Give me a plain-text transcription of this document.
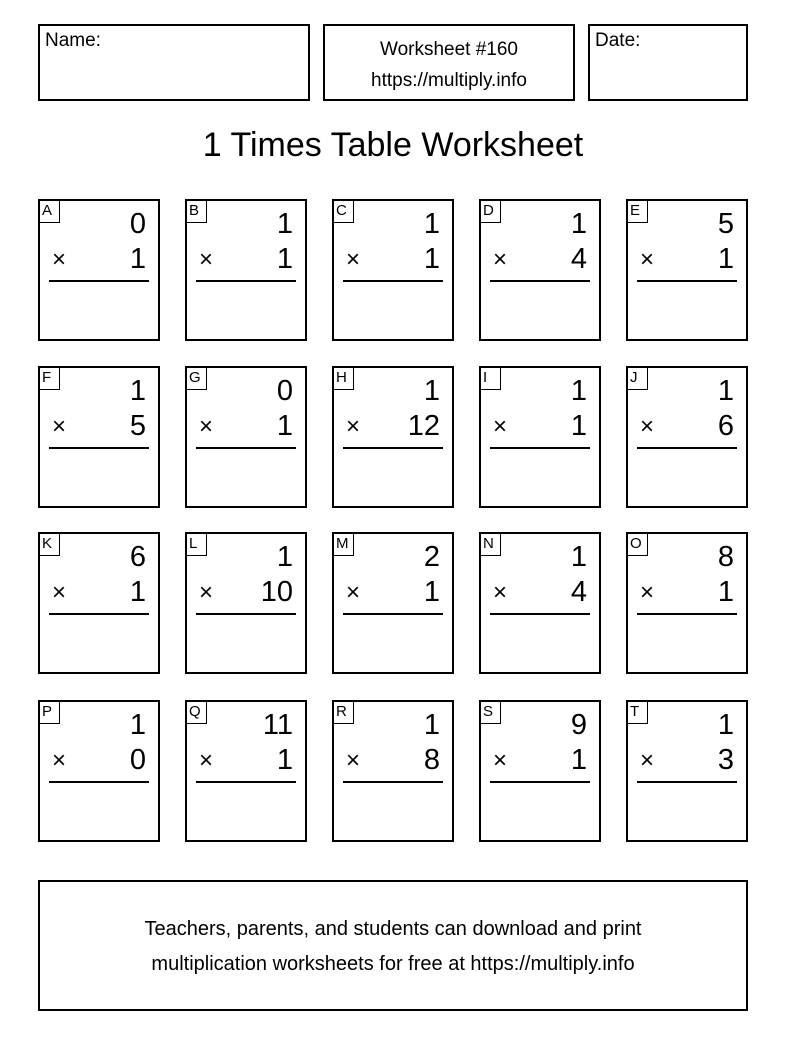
Name:	Worksheet #160
https://multiply.info
Date:
1 Times Table Worksheet
A	0
× 1
B	1
× 1
C	1
× 1
D	1
× 4
E	5
× 1
F	1
× 5
G	0
× 1
H	1
× 12
I	1
× 1
J	1
× 6
K	6
× 1
L	1
× 10
M	2
× 1
N	1
× 4
O	8
× 1
P	1
× 0
Q 11
× 1
R	1
× 8
S	9
× 1
T	1
× 3
Teachers, parents, and students can download and print
multiplication worksheets for free at https://multiply.info
